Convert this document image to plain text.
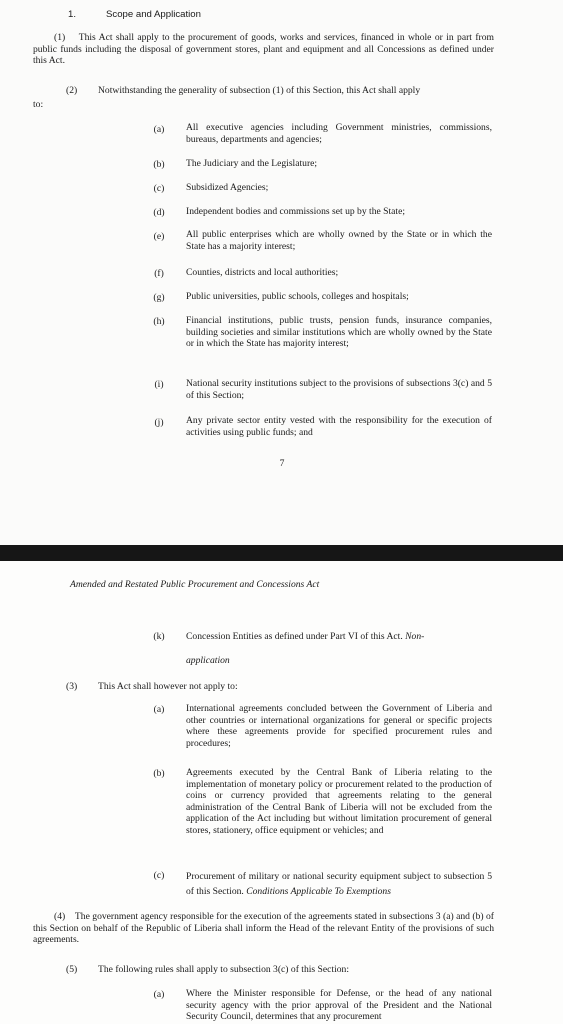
1.	Scope and Application
(1) This Act shall apply to the procurement of goods, works and services, financed in whole or in part from public funds including the disposal of government stores, plant and equipment and all Concessions as defined under this Act.
(2) Notwithstanding the generality of subsection (1) of this Section, this Act shall apply
to:
(a)	All executive agencies including Government ministries, commissions, bureaus, departments and agencies;
(b)	The Judiciary and the Legislature;
(c)	Subsidized Agencies;
(d)	Independent bodies and commissions set up by the State;
(e)	All public enterprises which are wholly owned by the State or in which the State has a majority interest;
(f)	Counties, districts and local authorities;
(g)	Public universities, public schools, colleges and hospitals;
(h)	Financial institutions, public trusts, pension funds, insurance companies, building societies and similar institutions which are wholly owned by the State or in which the State has majority interest;
(i)	National security institutions subject to the provisions of subsections 3(c) and 5 of this Section;
(j)	Any private sector entity vested with the responsibility for the execution of activities using public funds; and
7
Amended and Restated Public Procurement and Concessions Act
(k)	Concession Entities as defined under Part VI of this Act. Non-
application
(3) This Act shall however not apply to:
(a)	International agreements concluded between the Government of Liberia and other countries or international organizations for general or specific projects where these agreements provide for specified procurement rules and procedures;
(b)	Agreements executed by the Central Bank of Liberia relating to the implementation of monetary policy or procurement related to the production of coins or currency provided that agreements relating to the general administration of the Central Bank of Liberia will not be excluded from the application of the Act including but without limitation procurement of general stores, stationery, office equipment or vehicles; and
(c)	Procurement of military or national security equipment subject to subsection 5 of this Section. Conditions Applicable To Exemptions
(4) The government agency responsible for the execution of the agreements stated in subsections 3 (a) and (b) of this Section on behalf of the Republic of Liberia shall inform the Head of the relevant Entity of the provisions of such agreements.
(5) The following rules shall apply to subsection 3(c) of this Section:
(a)	Where the Minister responsible for Defense, or the head of any national security agency with the prior approval of the President and the National Security Council, determines that any procurement
